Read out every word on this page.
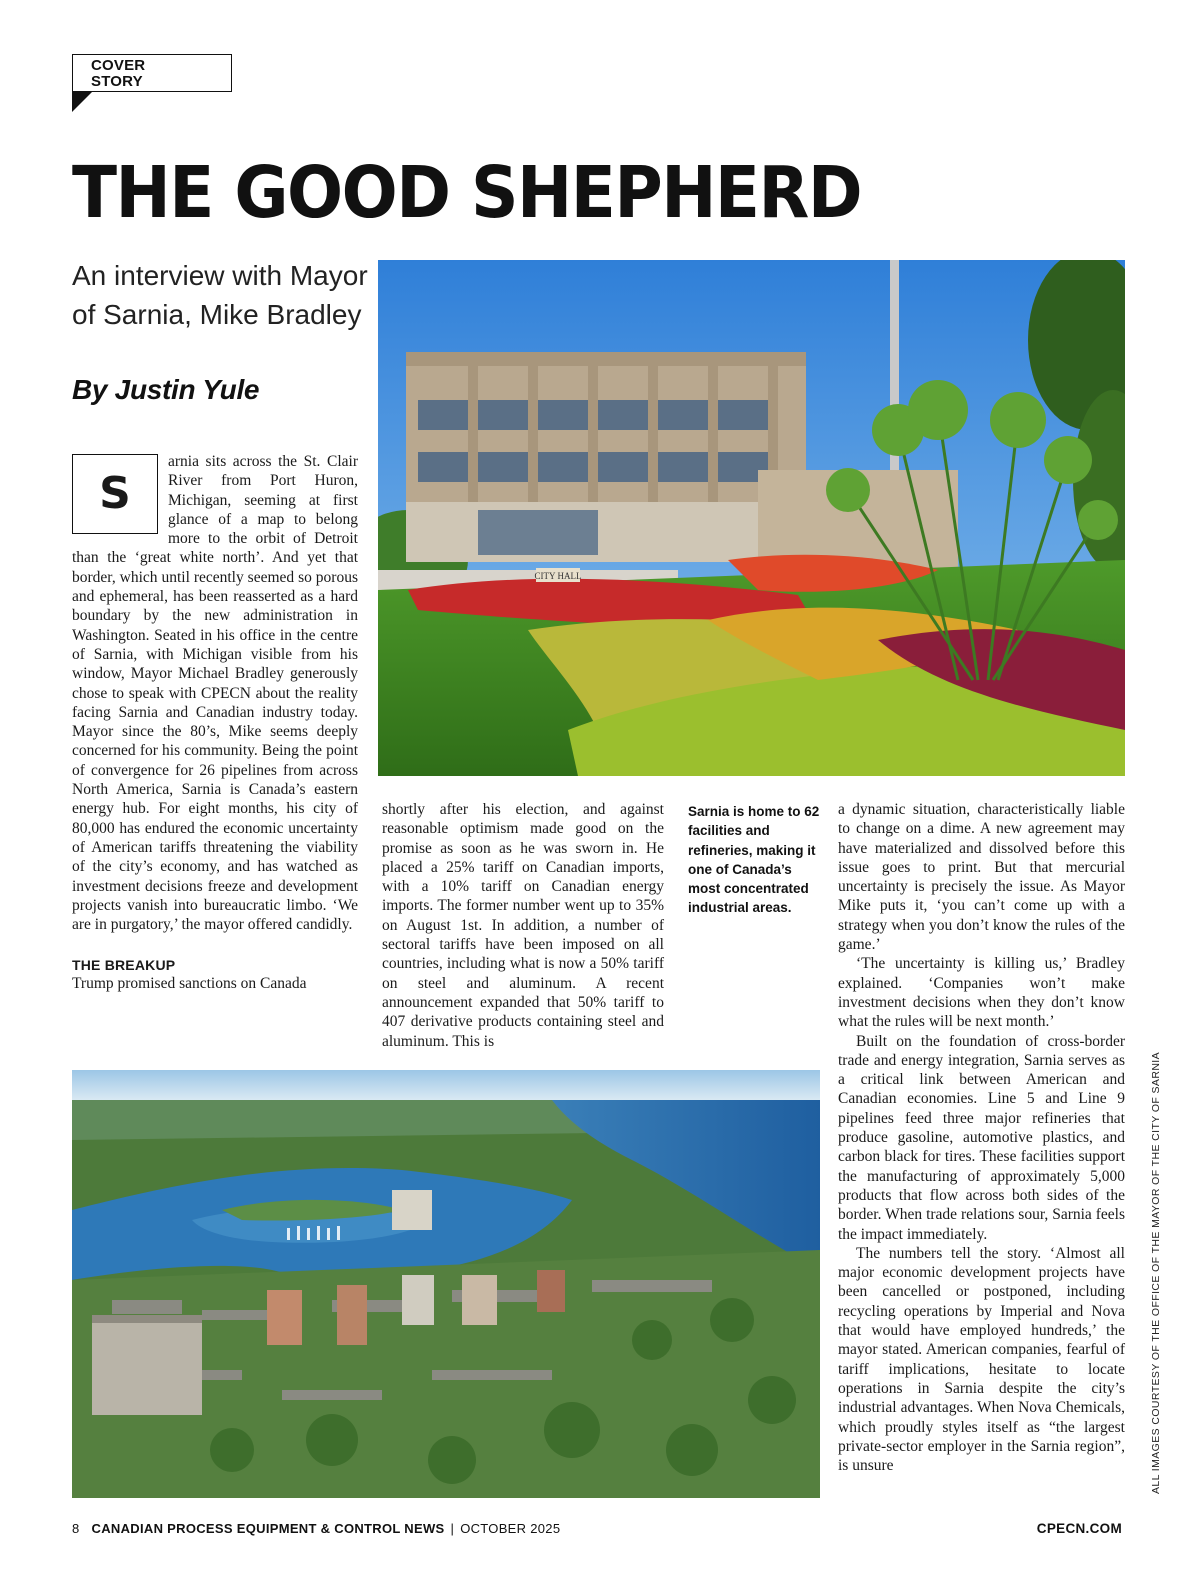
COVER STORY
THE GOOD SHEPHERD
An interview with Mayor of Sarnia, Mike Bradley
By Justin Yule
CITY HALL
S

arnia sits across the St. Clair River from Port Huron, Michigan, seeming at first glance of a map to belong more to the orbit of Detroit than the ‘great white north’. And yet that border, which until recently seemed so porous and ephemeral, has been reasserted as a hard boundary by the new administration in Washington. Seated in his office in the centre of Sarnia, with Michigan visible from his window, Mayor Michael Bradley generously chose to speak with CPECN about the reality facing Sarnia and Canadian industry today. Mayor since the 80’s, Mike seems deeply concerned for his community. Being the point of convergence for 26 pipelines from across North America, Sarnia is Canada’s eastern energy hub. For eight months, his city of 80,000 has endured the economic uncertainty of American tariffs threatening the viability of the city’s economy, and has watched as investment decisions freeze and development projects vanish into bureaucratic limbo. ‘We are in purgatory,’ the mayor offered candidly.

THE BREAKUP

Trump promised sanctions on Canada

shortly after his election, and against reasonable optimism made good on the promise as soon as he was sworn in. He placed a 25% tariff on Canadian imports, with a 10% tariff on Canadian energy imports. The former number went up to 35% on August 1st. In addition, a number of sectoral tariffs have been imposed on all countries, including what is now a 50% tariff on steel and aluminum. A recent announcement expanded that 50% tariff to 407 derivative products containing steel and aluminum. This is

Sarnia is home to 62 facilities and refineries, making it one of Canada’s most concentrated industrial areas.

a dynamic situation, characteristically liable to change on a dime. A new agreement may have materialized and dissolved before this issue goes to print. But that mercurial uncertainty is precisely the issue. As Mayor Mike puts it, ‘you can’t come up with a strategy when you don’t know the rules of the game.’

‘The uncertainty is killing us,’ Bradley explained. ‘Companies won’t make investment decisions when they don’t know what the rules will be next month.’

Built on the foundation of cross-border trade and energy integration, Sarnia serves as a critical link between American and Canadian economies. Line 5 and Line 9 pipelines feed three major refineries that produce gasoline, automotive plastics, and carbon black for tires. These facilities support the manufacturing of approximately 5,000 products that flow across both sides of the border. When trade relations sour, Sarnia feels the impact immediately.

The numbers tell the story. ‘Almost all major economic development projects have been cancelled or postponed, including recycling operations by Imperial and Nova that would have employed hundreds,’ the mayor stated. American companies, fearful of tariff implications, hesitate to locate operations in Sarnia despite the city’s industrial advantages. When Nova Chemicals, which proudly styles itself as “the largest private-sector employer in the Sarnia region”, is unsure	ALL IMAGES COURTESY OF THE OFFICE OF THE MAYOR OF THE CITY OF SARNIA
8 CANADIAN PROCESS EQUIPMENT & CONTROL NEWS | OCTOBER 2025	CPECN.COM
